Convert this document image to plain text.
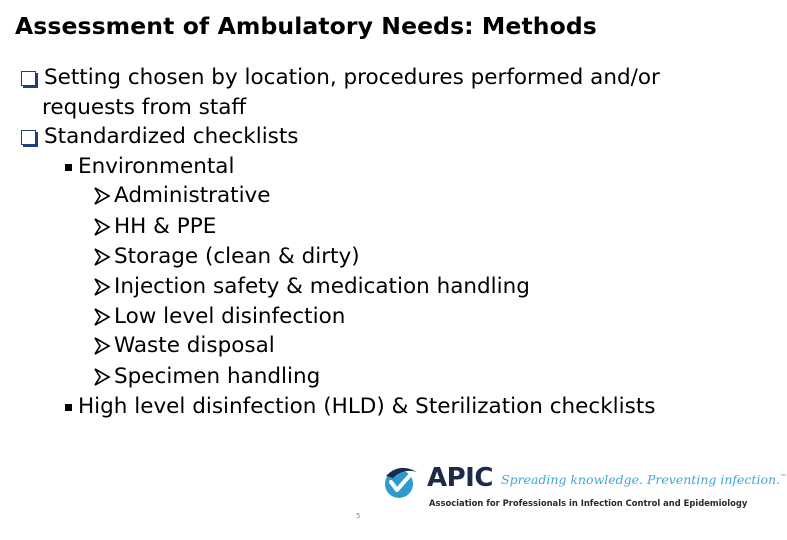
Assessment of Ambulatory Needs: Methods
Setting chosen by location, procedures performed and/or
requests from staff
Standardized checklists
Environmental
Administrative
HH & PPE
Storage (clean & dirty)
Injection safety & medication handling
Low level disinfection
Waste disposal
Specimen handling
High level disinfection (HLD) & Sterilization checklists
5
APIC Spreading knowledge. Preventing infection.™
Association for Professionals in Infection Control and Epidemiology
